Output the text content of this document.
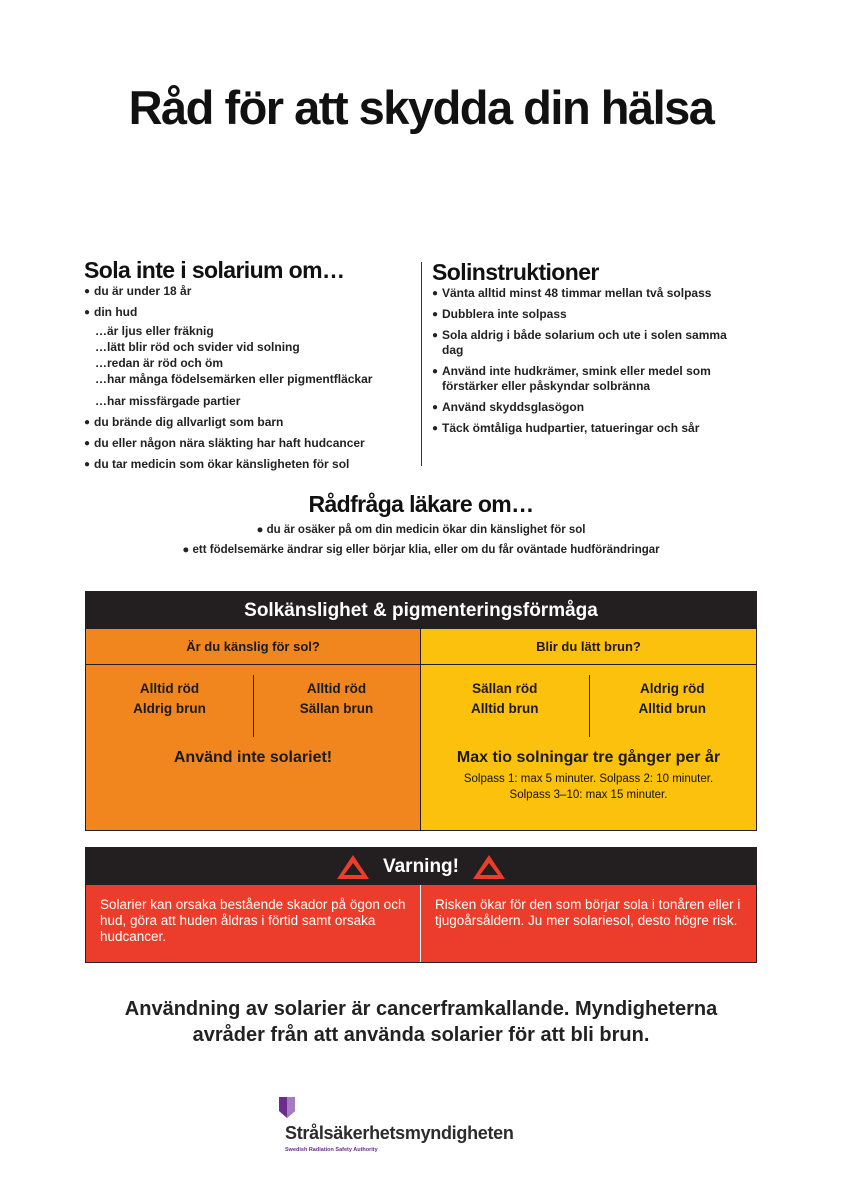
Råd för att skydda din hälsa
Sola inte i solarium om…
● du är under 18 år
● din hud
…är ljus eller fräknig
…lätt blir röd och svider vid solning
…redan är röd och öm
…har många födelsemärken eller pigmentfläckar
…har missfärgade partier
● du brände dig allvarligt som barn
● du eller någon nära släkting har haft hudcancer
● du tar medicin som ökar känsligheten för sol
Solinstruktioner
● Vänta alltid minst 48 timmar mellan två solpass
● Dubblera inte solpass
● Sola aldrig i både solarium och ute i solen samma dag
● Använd inte hudkrämer, smink eller medel som förstärker eller påskyndar solbränna
● Använd skyddsglasögon
● Täck ömtåliga hudpartier, tatueringar och sår
Rådfråga läkare om…
● du är osäker på om din medicin ökar din känslighet för sol
● ett födelsemärke ändrar sig eller börjar klia, eller om du får oväntade hudförändringar
Solkänslighet & pigmenteringsförmåga
Är du känslig för sol?
Alltid röd
Aldrig brun
Alltid röd
Sällan brun
Använd inte solariet!
Blir du lätt brun?
Sällan röd
Alltid brun
Aldrig röd
Alltid brun
Max tio solningar tre gånger per år
Solpass 1: max 5 minuter. Solpass 2: 10 minuter.
Solpass 3–10: max 15 minuter.
Varning!
Solarier kan orsaka bestående skador på ögon och hud, göra att huden åldras i förtid samt orsaka hudcancer.
Risken ökar för den som börjar sola i tonåren eller i tjugoårsåldern. Ju mer solariesol, desto högre risk.
Användning av solarier är cancerframkallande. Myndigheterna
avråder från att använda solarier för att bli brun.
Strålsäkerhetsmyndigheten
Swedish Radiation Safety Authority
